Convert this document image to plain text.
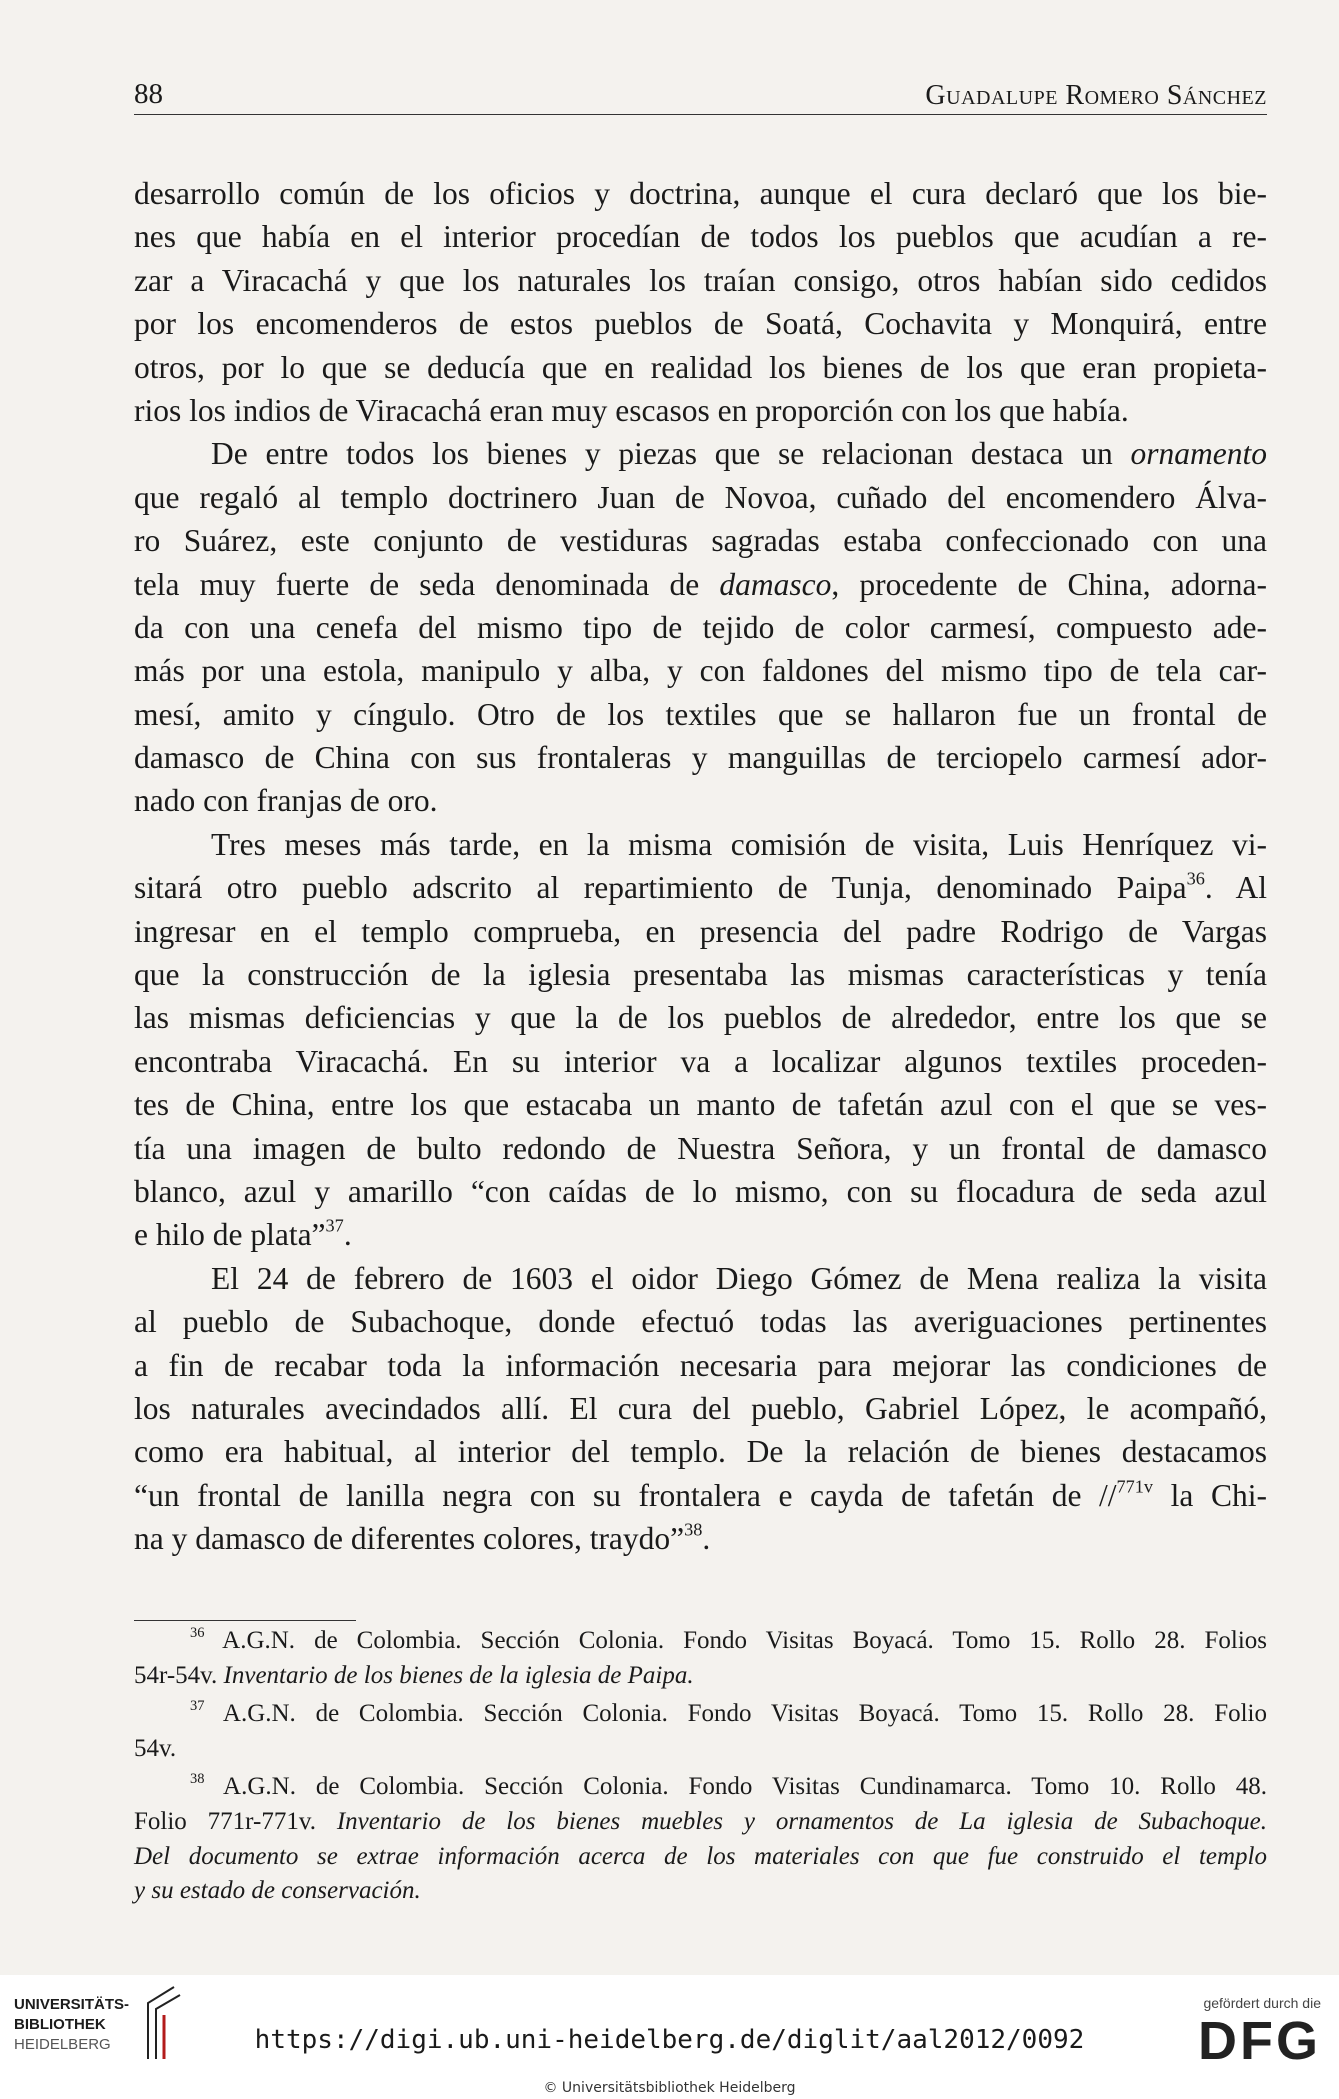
88	Guadalupe Romero Sánchez
desarrollo común de los oficios y doctrina, aunque el cura declaró que los bie-
nes que había en el interior procedían de todos los pueblos que acudían a re-
zar a Viracachá y que los naturales los traían consigo, otros habían sido cedidos
por los encomenderos de estos pueblos de Soatá, Cochavita y Monquirá, entre
otros, por lo que se deducía que en realidad los bienes de los que eran propieta-
rios los indios de Viracachá eran muy escasos en proporción con los que había.
De entre todos los bienes y piezas que se relacionan destaca un ornamento
que regaló al templo doctrinero Juan de Novoa, cuñado del encomendero Álva-
ro Suárez, este conjunto de vestiduras sagradas estaba confeccionado con una
tela muy fuerte de seda denominada de damasco, procedente de China, adorna-
da con una cenefa del mismo tipo de tejido de color carmesí, compuesto ade-
más por una estola, manipulo y alba, y con faldones del mismo tipo de tela car-
mesí, amito y cíngulo. Otro de los textiles que se hallaron fue un frontal de
damasco de China con sus frontaleras y manguillas de terciopelo carmesí ador-
nado con franjas de oro.
Tres meses más tarde, en la misma comisión de visita, Luis Henríquez vi-
sitará otro pueblo adscrito al repartimiento de Tunja, denominado Paipa$^{36}$. Al
ingresar en el templo comprueba, en presencia del padre Rodrigo de Vargas
que la construcción de la iglesia presentaba las mismas características y tenía
las mismas deficiencias y que la de los pueblos de alrededor, entre los que se
encontraba Viracachá. En su interior va a localizar algunos textiles proceden-
tes de China, entre los que estacaba un manto de tafetán azul con el que se ves-
tía una imagen de bulto redondo de Nuestra Señora, y un frontal de damasco
blanco, azul y amarillo “con caídas de lo mismo, con su flocadura de seda azul
e hilo de plata”$^{37}$.
El 24 de febrero de 1603 el oidor Diego Gómez de Mena realiza la visita
al pueblo de Subachoque, donde efectuó todas las averiguaciones pertinentes
a fin de recabar toda la información necesaria para mejorar las condiciones de
los naturales avecindados allí. El cura del pueblo, Gabriel López, le acompañó,
como era habitual, al interior del templo. De la relación de bienes destacamos
“un frontal de lanilla negra con su frontalera e cayda de tafetán de //$^{771v}$ la Chi-
na y damasco de diferentes colores, traydo”$^{38}$.
$^{36}$ A.G.N. de Colombia. Sección Colonia. Fondo Visitas Boyacá. Tomo 15. Rollo 28. Folios
54r-54v. Inventario de los bienes de la iglesia de Paipa.
$^{37}$ A.G.N. de Colombia. Sección Colonia. Fondo Visitas Boyacá. Tomo 15. Rollo 28. Folio
54v.
$^{38}$ A.G.N. de Colombia. Sección Colonia. Fondo Visitas Cundinamarca. Tomo 10. Rollo 48.
Folio 771r-771v. Inventario de los bienes muebles y ornamentos de La iglesia de Subachoque.
Del documento se extrae información acerca de los materiales con que fue construido el templo
y su estado de conservación.
UNIVERSITÄTS-
BIBLIOTHEK
HEIDELBERG	https://digi.ub.uni-heidelberg.de/diglit/aal2012/0092
© Universitätsbibliothek Heidelberg
gefördert durch die
DFG
